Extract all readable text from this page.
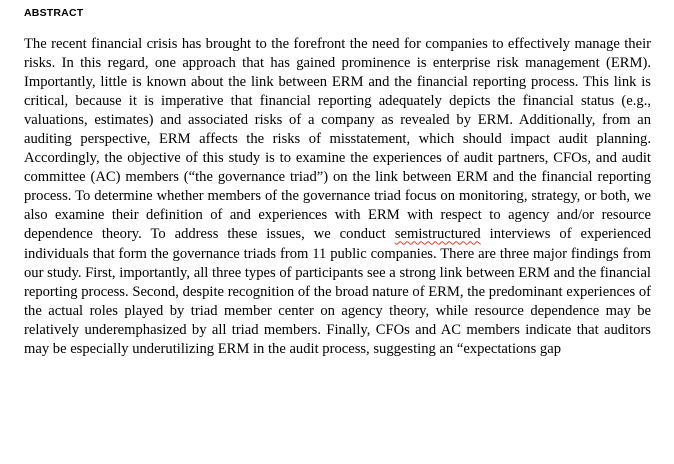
ABSTRACT

The recent financial crisis has brought to the forefront the need for companies to effectively manage their risks. In this regard, one approach that has gained prominence is enterprise risk management (ERM). Importantly, little is known about the link between ERM and the financial reporting process. This link is critical, because it is imperative that financial reporting adequately depicts the financial status (e.g., valuations, estimates) and associated risks of a company as revealed by ERM. Additionally, from an auditing perspective, ERM affects the risks of misstatement, which should impact audit planning. Accordingly, the objective of this study is to examine the experiences of audit partners, CFOs, and audit committee (AC) members (“the governance triad”) on the link between ERM and the financial reporting process. To determine whether members of the governance triad focus on monitoring, strategy, or both, we also examine their definition of and experiences with ERM with respect to agency and/or resource dependence theory. To address these issues, we conduct semistructured interviews of experienced individuals that form the governance triads from 11 public companies. There are three major findings from our study. First, importantly, all three types of participants see a strong link between ERM and the financial reporting process. Second, despite recognition of the broad nature of ERM, the predominant experiences of the actual roles played by triad member center on agency theory, while resource dependence may be relatively underemphasized by all triad members. Finally, CFOs and AC members indicate that auditors may be especially underutilizing ERM in the audit process, suggesting an “expectations gap
